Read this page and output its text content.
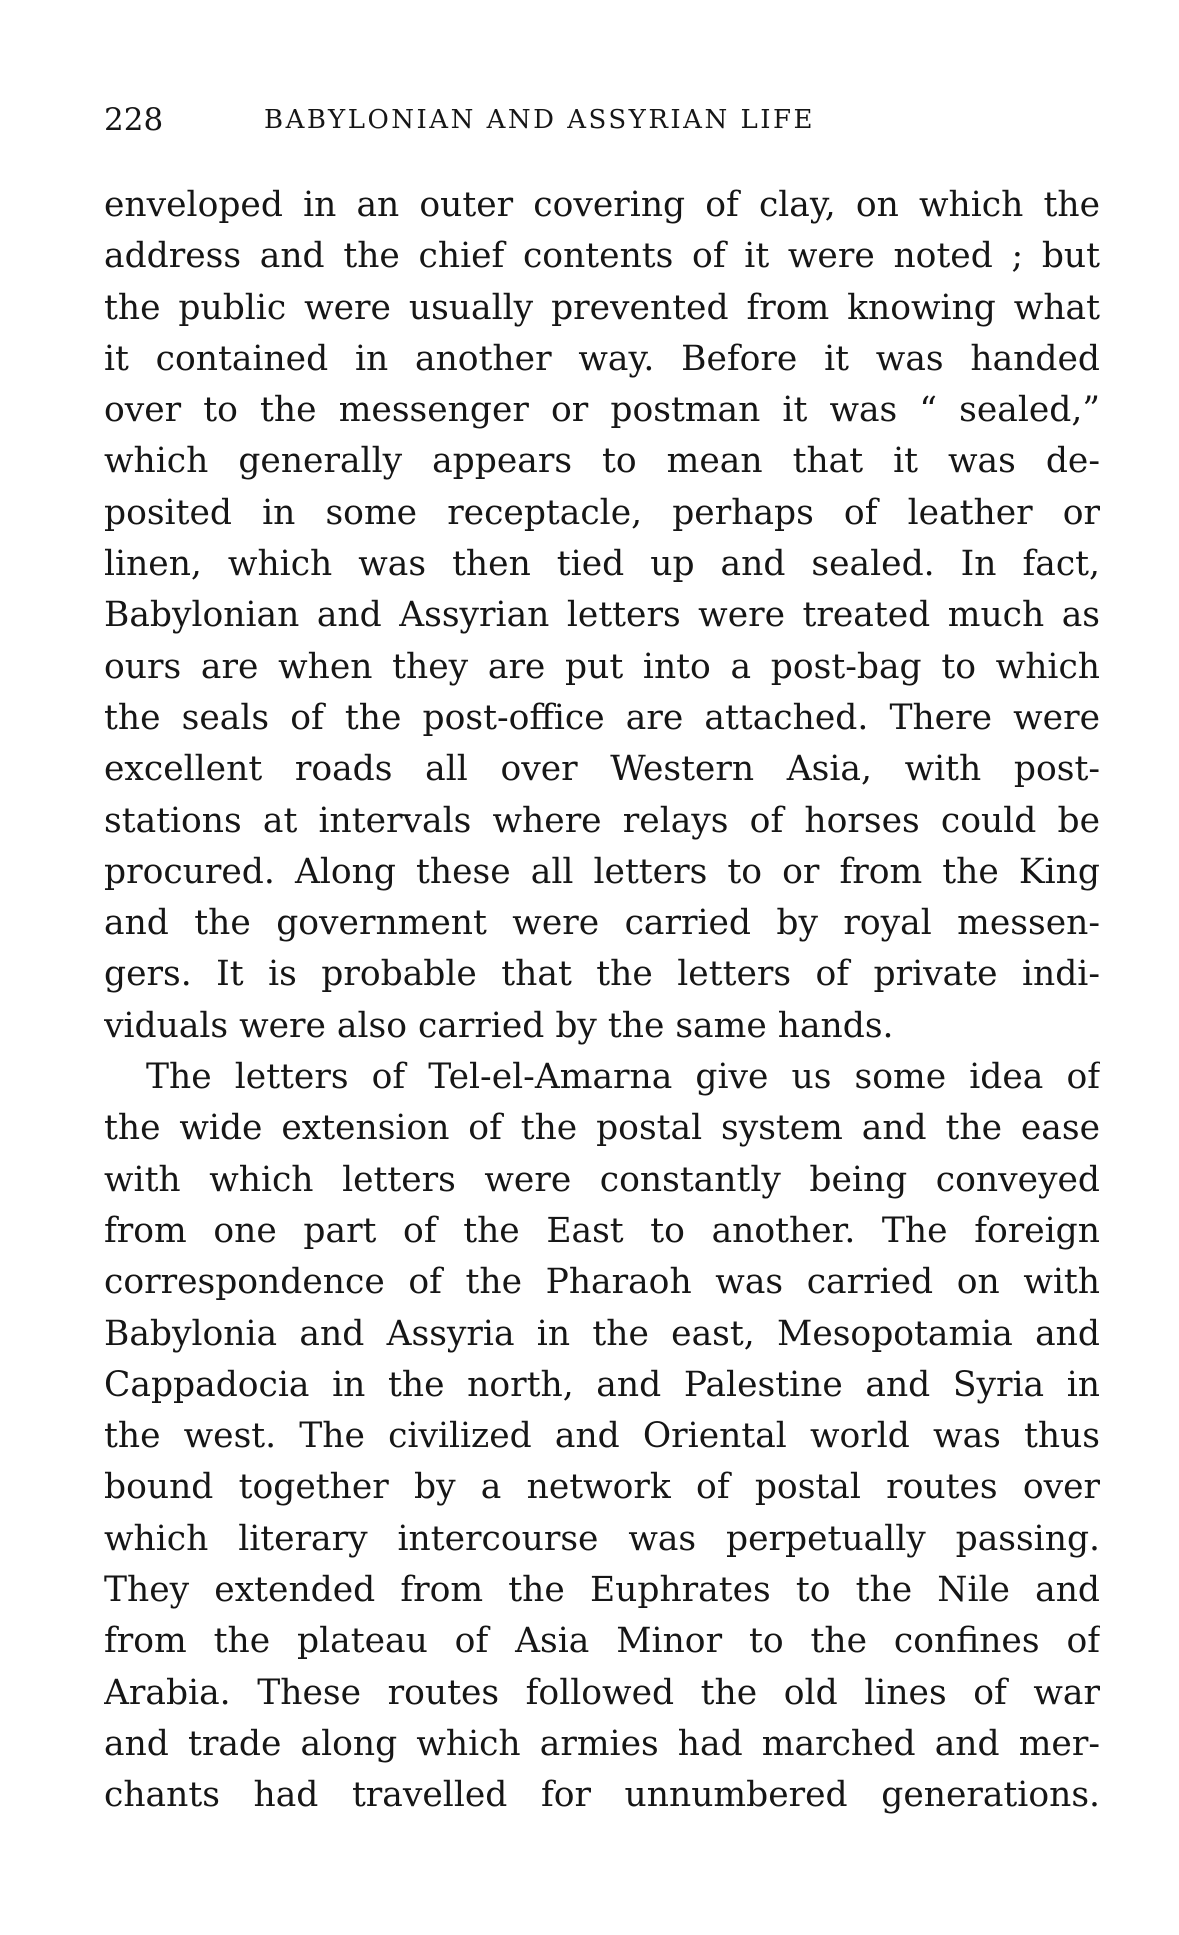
228	BABYLONIAN AND ASSYRIAN LIFE
enveloped in an outer covering of clay, on which the
address and the chief contents of it were noted ; but
the public were usually prevented from knowing what
it contained in another way. Before it was handed
over to the messenger or postman it was “ sealed,”
which generally appears to mean that it was de-
posited in some receptacle, perhaps of leather or
linen, which was then tied up and sealed. In fact,
Babylonian and Assyrian letters were treated much as
ours are when they are put into a post-bag to which
the seals of the post-office are attached. There were
excellent roads all over Western Asia, with post-
stations at intervals where relays of horses could be
procured. Along these all letters to or from the King
and the government were carried by royal messen-
gers. It is probable that the letters of private indi-
viduals were also carried by the same hands.
The letters of Tel-el-Amarna give us some idea of
the wide extension of the postal system and the ease
with which letters were constantly being conveyed
from one part of the East to another. The foreign
correspondence of the Pharaoh was carried on with
Babylonia and Assyria in the east, Mesopotamia and
Cappadocia in the north, and Palestine and Syria in
the west. The civilized and Oriental world was thus
bound together by a network of postal routes over
which literary intercourse was perpetually passing.
They extended from the Euphrates to the Nile and
from the plateau of Asia Minor to the confines of
Arabia. These routes followed the old lines of war
and trade along which armies had marched and mer-
chants had travelled for unnumbered generations.
